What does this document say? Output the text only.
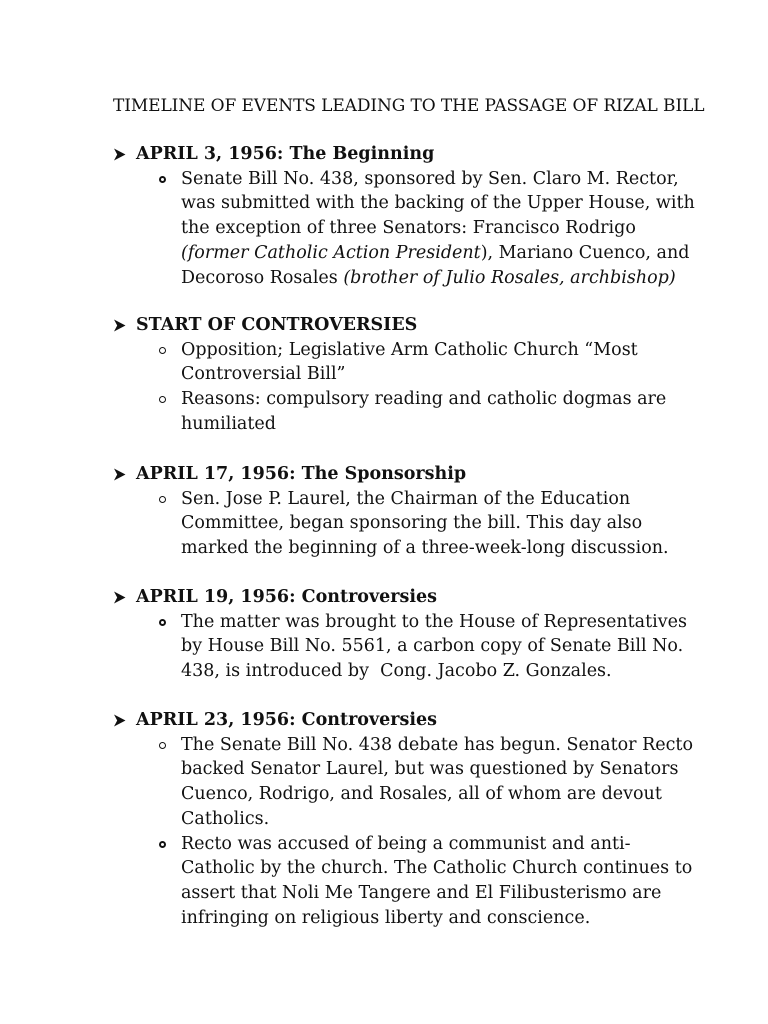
TIMELINE OF EVENTS LEADING TO THE PASSAGE OF RIZAL BILL
APRIL 3, 1956: The Beginning
Senate Bill No. 438, sponsored by Sen. Claro M. Rector,
was submitted with the backing of the Upper House, with
the exception of three Senators: Francisco Rodrigo
(former Catholic Action President), Mariano Cuenco, and
Decoroso Rosales (brother of Julio Rosales, archbishop)
START OF CONTROVERSIES
Opposition; Legislative Arm Catholic Church “Most
Controversial Bill”
Reasons: compulsory reading and catholic dogmas are
humiliated
APRIL 17, 1956: The Sponsorship
Sen. Jose P. Laurel, the Chairman of the Education
Committee, began sponsoring the bill. This day also
marked the beginning of a three-week-long discussion.
APRIL 19, 1956: Controversies
The matter was brought to the House of Representatives
by House Bill No. 5561, a carbon copy of Senate Bill No.
438, is introduced by  Cong. Jacobo Z. Gonzales.
APRIL 23, 1956: Controversies
The Senate Bill No. 438 debate has begun. Senator Recto
backed Senator Laurel, but was questioned by Senators
Cuenco, Rodrigo, and Rosales, all of whom are devout
Catholics.
Recto was accused of being a communist and anti-
Catholic by the church. The Catholic Church continues to
assert that Noli Me Tangere and El Filibusterismo are
infringing on religious liberty and conscience.
